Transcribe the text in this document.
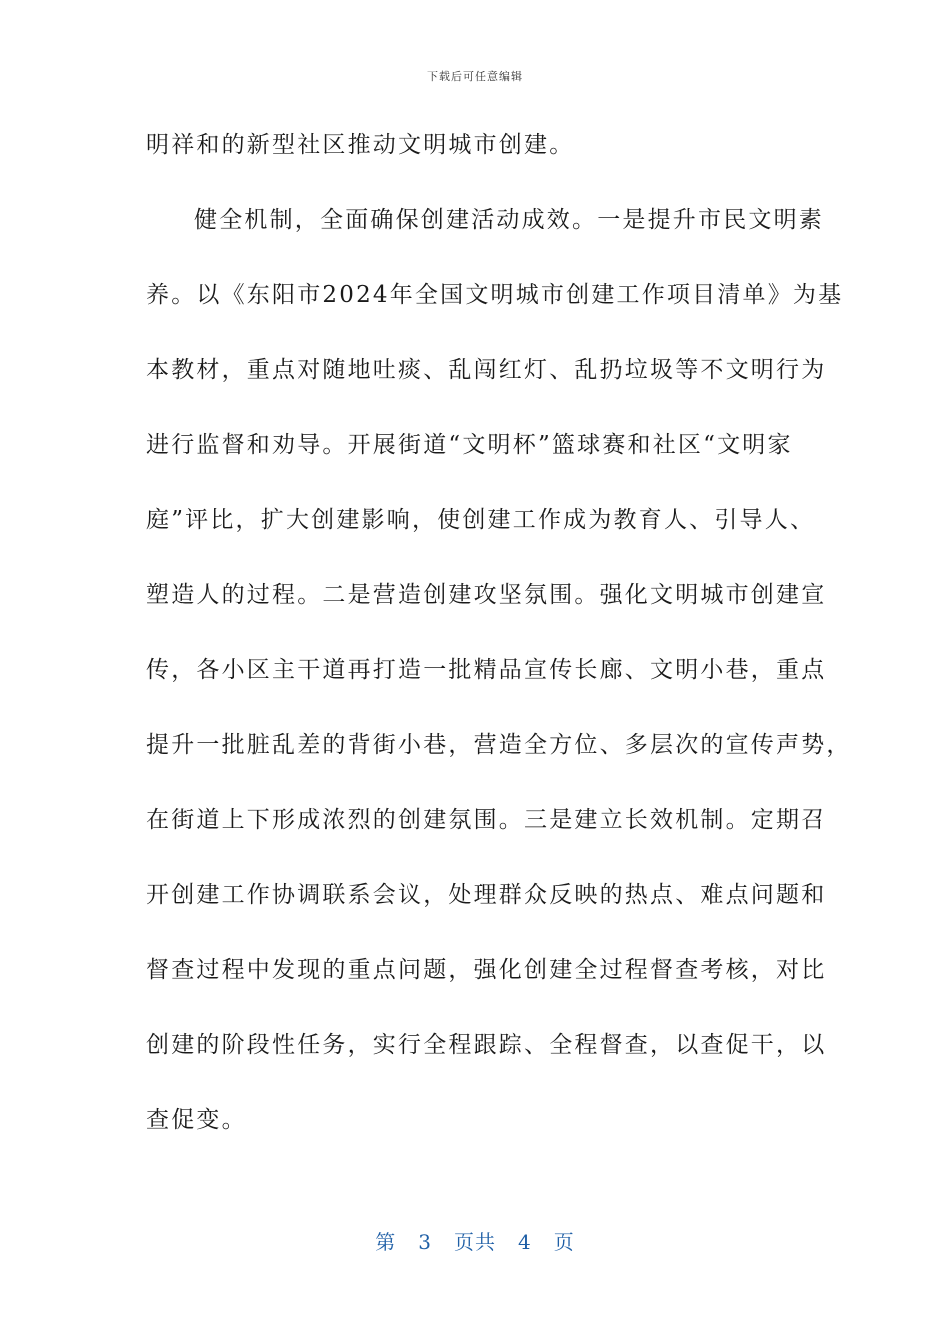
下载后可任意编辑
明祥和的新型社区推动文明城市创建。
健全机制，全面确保创建活动成效。一是提升市民文明素
养。以《东阳市2024年全国文明城市创建工作项目清单》为基
本教材，重点对随地吐痰、乱闯红灯、乱扔垃圾等不文明行为
进行监督和劝导。开展街道“文明杯”篮球赛和社区“文明家
庭”评比，扩大创建影响，使创建工作成为教育人、引导人、
塑造人的过程。二是营造创建攻坚氛围。强化文明城市创建宣
传，各小区主干道再打造一批精品宣传长廊、文明小巷，重点
提升一批脏乱差的背街小巷，营造全方位、多层次的宣传声势，
在街道上下形成浓烈的创建氛围。三是建立长效机制。定期召
开创建工作协调联系会议，处理群众反映的热点、难点问题和
督查过程中发现的重点问题，强化创建全过程督查考核，对比
创建的阶段性任务，实行全程跟踪、全程督查，以查促干，以
查促变。
第 3 页共 4 页
